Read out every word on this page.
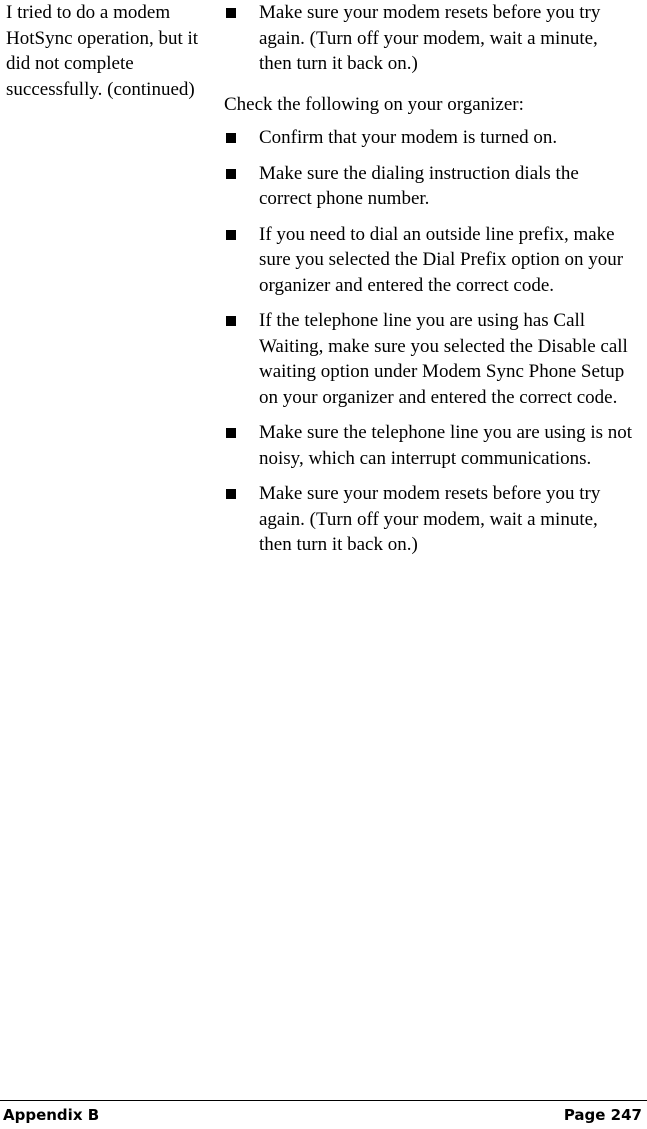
I tried to do a modem HotSync operation, but it did not complete successfully. (continued)
Make sure your modem resets before you try again. (Turn off your modem, wait a minute, then turn it back on.)

Check the following on your organizer:

Confirm that your modem is turned on.
Make sure the dialing instruction dials the correct phone number.
If you need to dial an outside line prefix, make sure you selected the Dial Prefix option on your organizer and entered the correct code.
If the telephone line you are using has Call Waiting, make sure you selected the Disable call waiting option under Modem Sync Phone Setup on your organizer and entered the correct code.
Make sure the telephone line you are using is not noisy, which can interrupt communications.
Make sure your modem resets before you try again. (Turn off your modem, wait a minute, then turn it back on.)
Appendix B	Page 247
